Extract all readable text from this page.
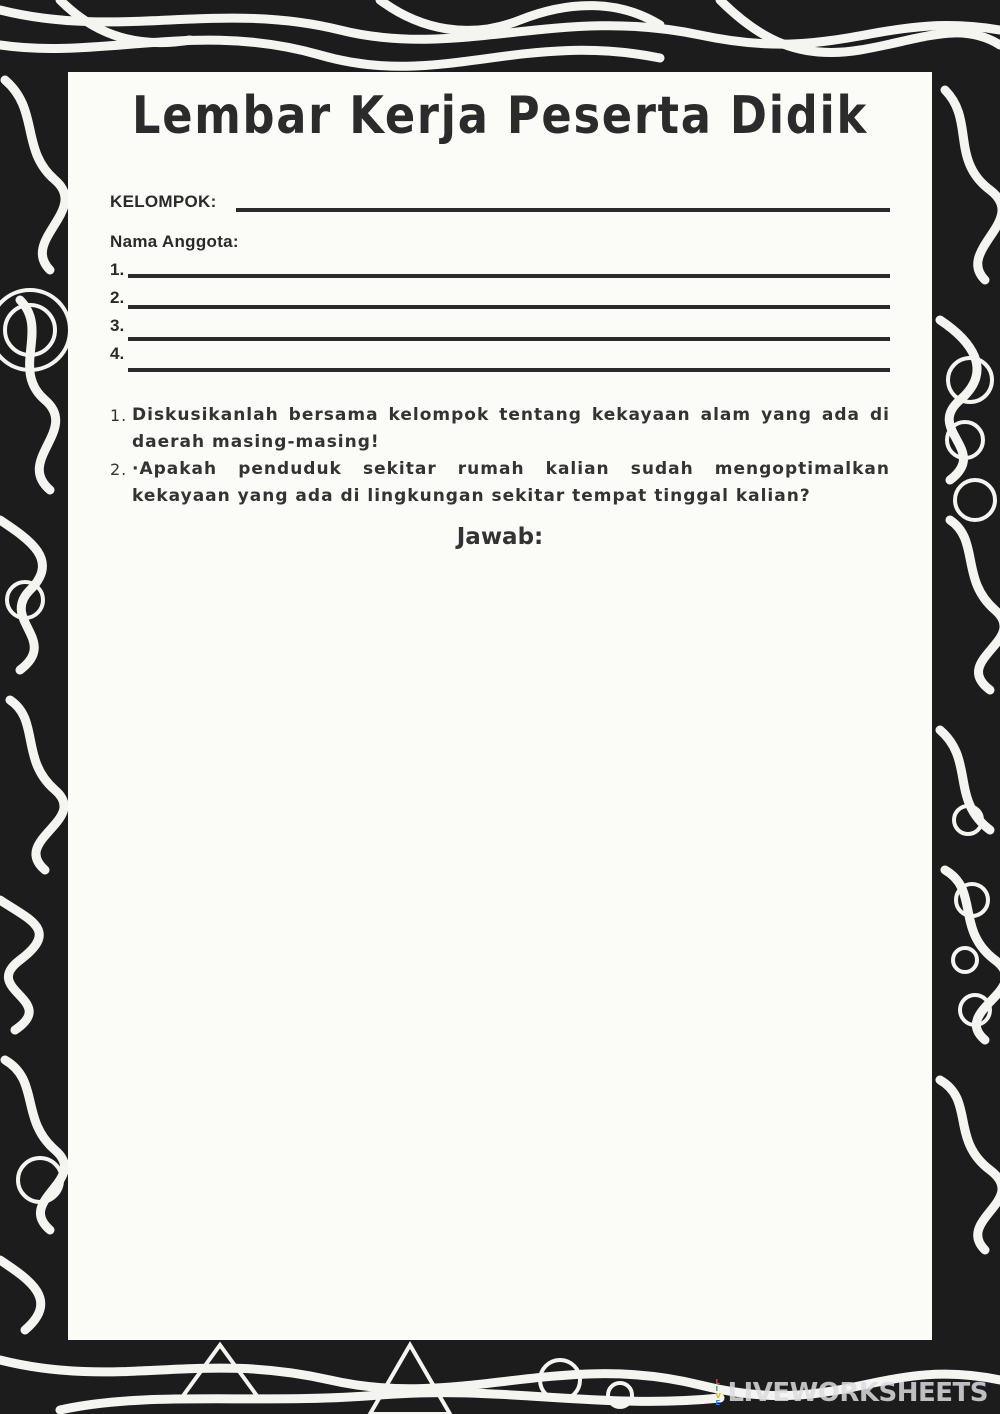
Lembar Kerja Peserta Didik
KELOMPOK:
Nama Anggota:
1.
2.
3.
4.

1. Diskusikanlah bersama kelompok tentang kekayaan alam yang ada di daerah masing-masing!

2. ·Apakah penduduk sekitar rumah kalian sudah mengoptimalkan kekayaan yang ada di lingkungan sekitar tempat tinggal kalian?

Jawab:
L
I
V
E LIVEWORKSHEETS
